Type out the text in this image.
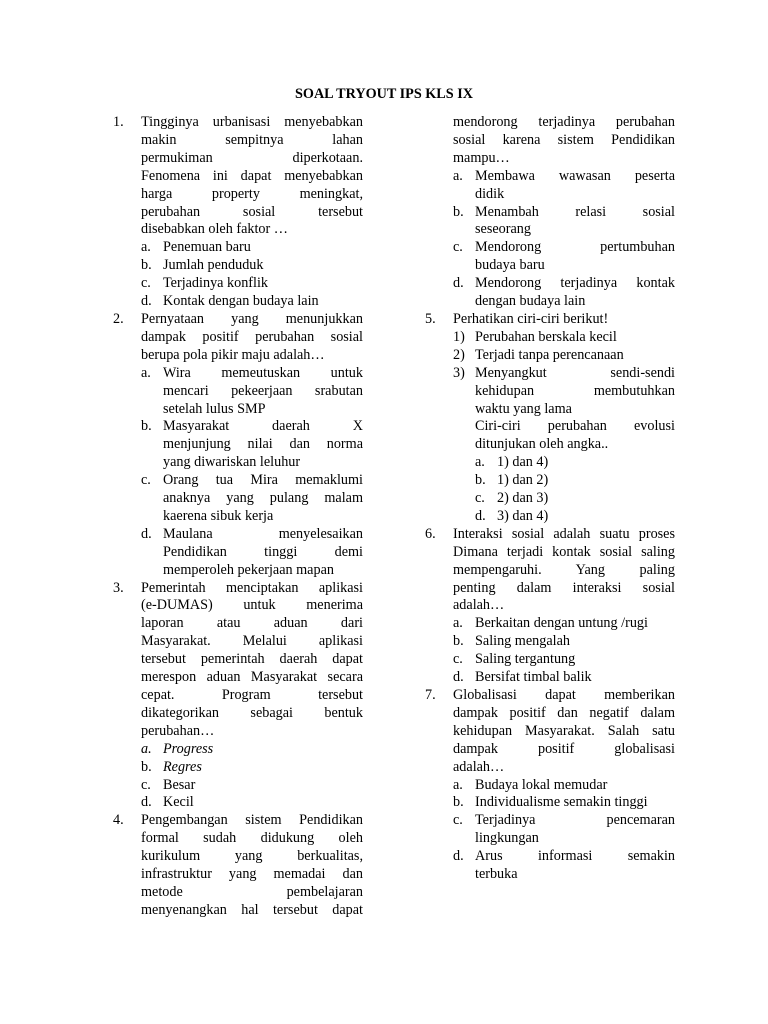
SOAL TRYOUT IPS KLS IX
1.	Tingginya urbanisasi menyebabkan
makin sempitnya lahan
permukiman diperkotaan.
Fenomena ini dapat menyebabkan
harga property meningkat,
perubahan sosial tersebut
disebabkan oleh faktor …
a. Penemuan baru
b. Jumlah penduduk
c. Terjadinya konflik
d. Kontak dengan budaya lain
2.	Pernyataan yang menunjukkan
dampak positif perubahan sosial
berupa pola pikir maju adalah…
a. Wira memeutuskan untuk
mencari pekeerjaan srabutan
setelah lulus SMP
b. Masyarakat daerah X
menjunjung nilai dan norma
yang diwariskan leluhur
c. Orang tua Mira memaklumi
anaknya yang pulang malam
kaerena sibuk kerja
d. Maulana menyelesaikan
Pendidikan tinggi demi
memperoleh pekerjaan mapan
3.	Pemerintah menciptakan aplikasi
(e-DUMAS) untuk menerima
laporan atau aduan dari
Masyarakat. Melalui aplikasi
tersebut pemerintah daerah dapat
merespon aduan Masyarakat secara
cepat. Program tersebut
dikategorikan sebagai bentuk
perubahan…
a. Progress
b. Regres
c. Besar
d. Kecil
4.	Pengembangan sistem Pendidikan
formal sudah didukung oleh
kurikulum yang berkualitas,
infrastruktur yang memadai dan
metode pembelajaran
menyenangkan hal tersebut dapat
mendorong terjadinya perubahan
sosial karena sistem Pendidikan
mampu…
a. Membawa wawasan peserta
didik
b. Menambah relasi sosial
seseorang
c. Mendorong pertumbuhan
budaya baru
d. Mendorong terjadinya kontak
dengan budaya lain
5.	Perhatikan ciri-ciri berikut!
1) Perubahan berskala kecil
2) Terjadi tanpa perencanaan
3) Menyangkut sendi-sendi
kehidupan membutuhkan
waktu yang lama
Ciri-ciri perubahan evolusi
ditunjukan oleh angka..
a. 1) dan 4)
b. 1) dan 2)
c. 2) dan 3)
d. 3) dan 4)
6.	Interaksi sosial adalah suatu proses
Dimana terjadi kontak sosial saling
mempengaruhi. Yang paling
penting dalam interaksi sosial
adalah…
a. Berkaitan dengan untung /rugi
b. Saling mengalah
c. Saling tergantung
d. Bersifat timbal balik
7.	Globalisasi dapat memberikan
dampak positif dan negatif dalam
kehidupan Masyarakat. Salah satu
dampak positif globalisasi
adalah…
a. Budaya lokal memudar
b. Individualisme semakin tinggi
c. Terjadinya pencemaran
lingkungan
d. Arus informasi semakin
terbuka
